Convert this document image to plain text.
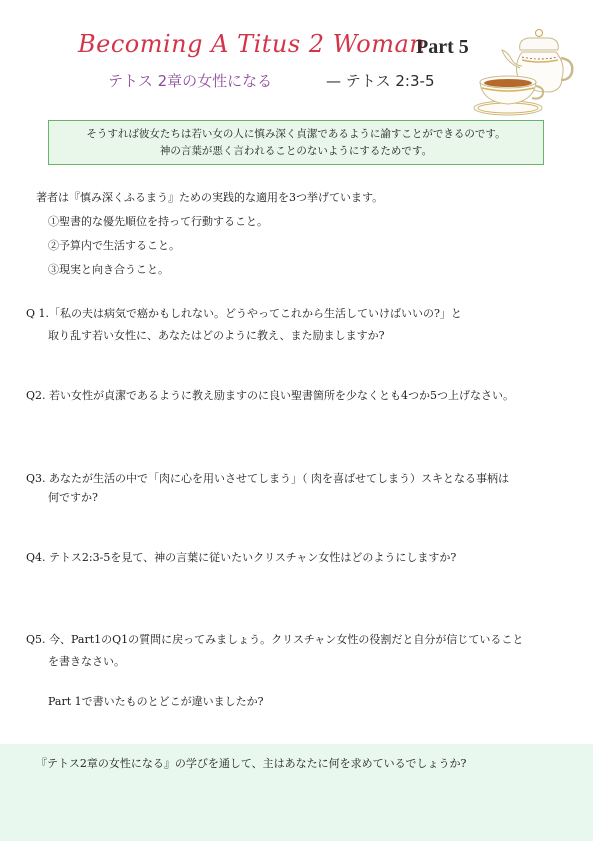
Becoming A Titus 2 Woman
Part 5
テトス 2章の女性になる	— テトス 2:3-5
そうすれば彼女たちは若い女の人に慎み深く貞潔であるように諭すことができるのです。
神の言葉が悪く言われることのないようにするためです。
著者は『慎み深くふるまう』ための実践的な適用を3つ挙げています。
①聖書的な優先順位を持って行動すること。
②予算内で生活すること。
③現実と向き合うこと。
Q 1.「私の夫は病気で癌かもしれない。どうやってこれから生活していけばいいの?」と
取り乱す若い女性に、あなたはどのように教え、また励ましますか?
Q2. 若い女性が貞潔であるように教え励ますのに良い聖書箇所を少なくとも4つか5つ上げなさい。
Q3. あなたが生活の中で「肉に心を用いさせてしまう」（ 肉を喜ばせてしまう）スキとなる事柄は
何ですか?
Q4. テトス2:3-5を見て、神の言葉に従いたいクリスチャン女性はどのようにしますか?
Q5. 今、Part1のQ1の質問に戻ってみましょう。クリスチャン女性の役割だと自分が信じていること
を書きなさい。
Part 1で書いたものとどこが違いましたか?
『テトス2章の女性になる』の学びを通して、主はあなたに何を求めているでしょうか?
